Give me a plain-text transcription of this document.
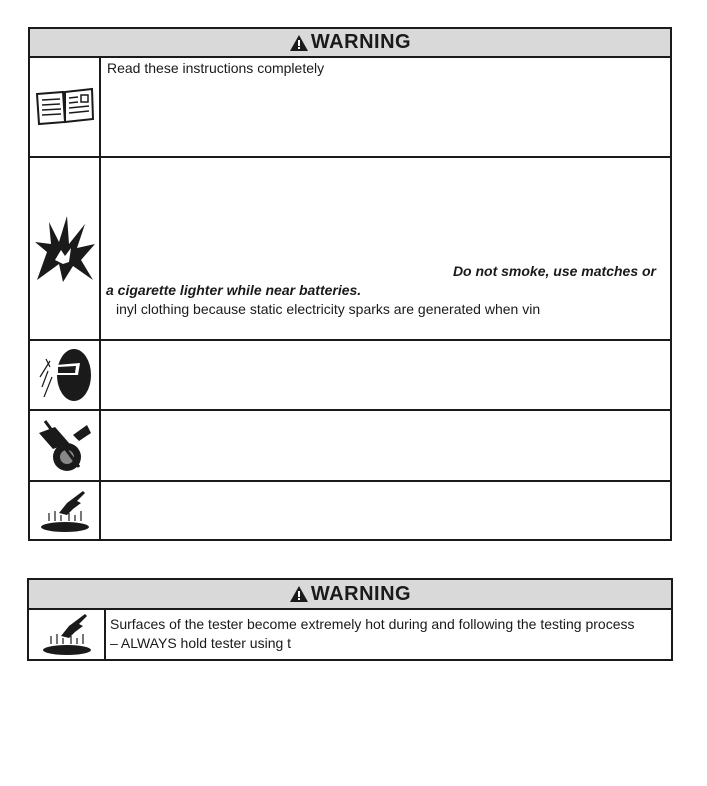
WARNING
Read these instructions completely
Do not smoke, use matches or
a cigarette lighter while near batteries.
inyl clothing because static electricity sparks are generated when vin
WARNING
Surfaces of the tester become extremely hot during and following the testing process
– ALWAYS hold tester using t
